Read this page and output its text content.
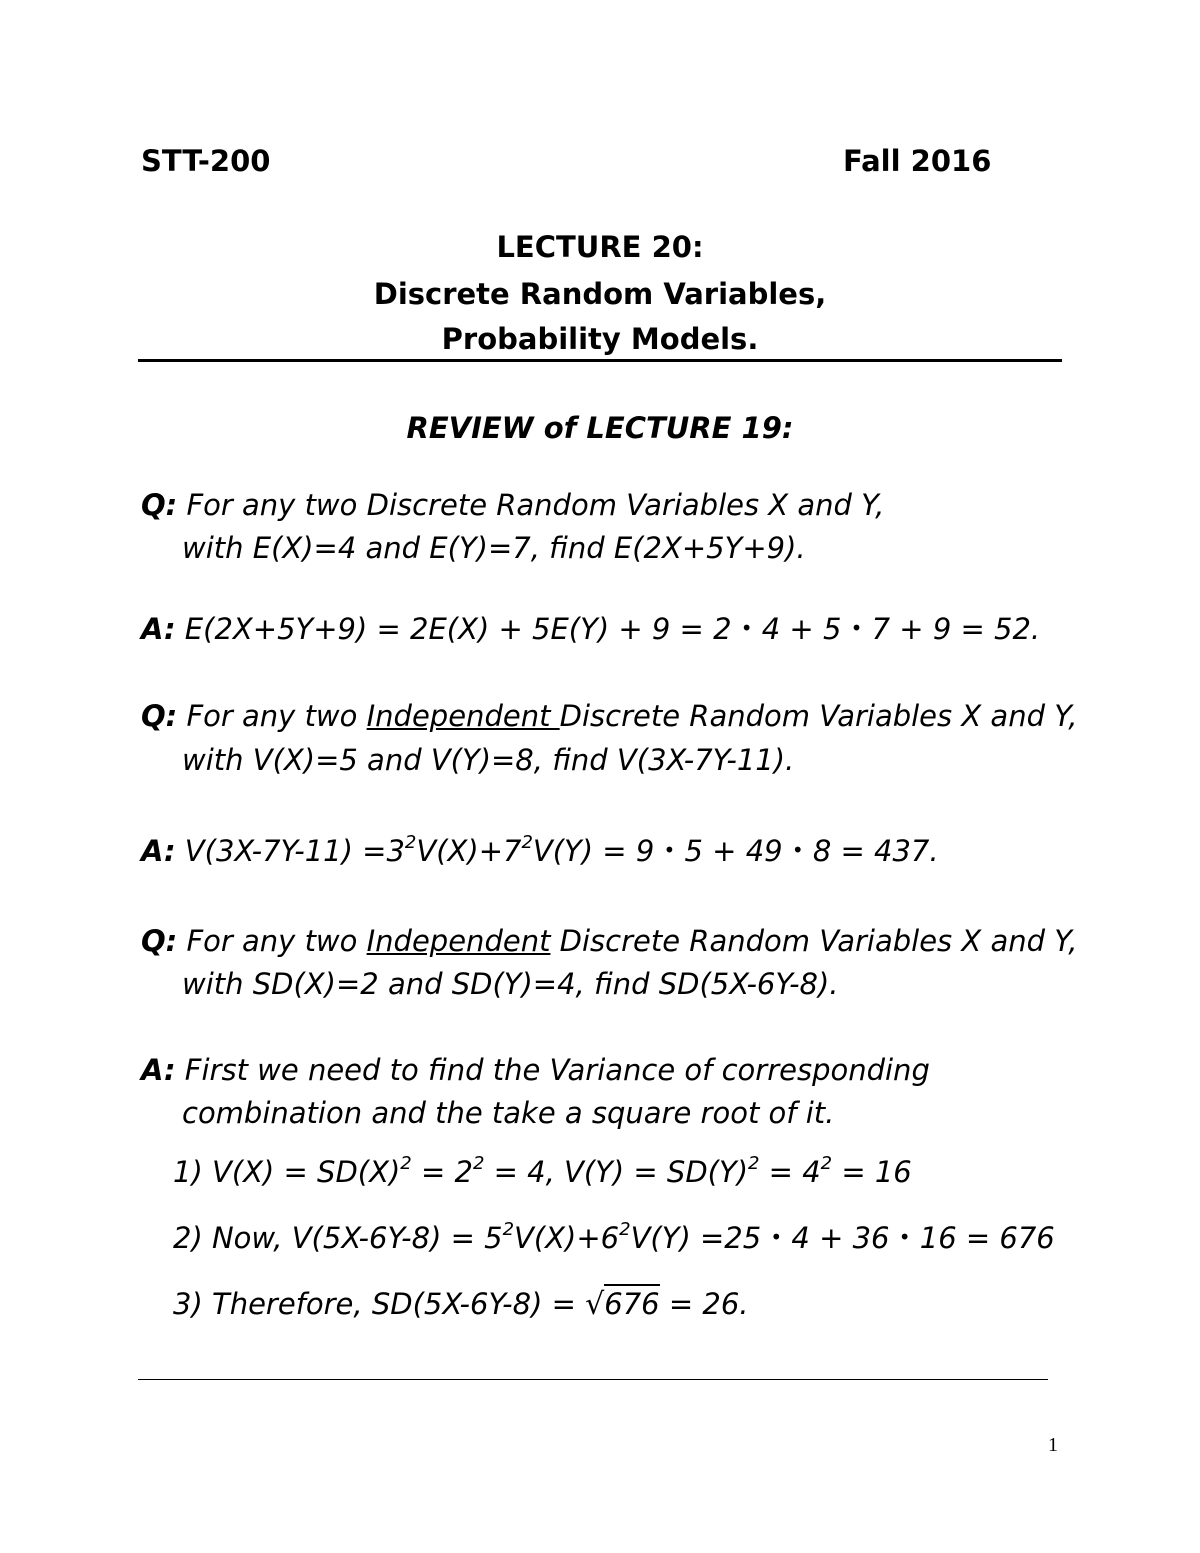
STT-200	Fall 2016
LECTURE 20:
Discrete Random Variables,
Probability Models.
REVIEW of LECTURE 19:
Q: For any two Discrete Random Variables X and Y,
with E(X)=4 and E(Y)=7, find E(2X+5Y+9).
A: E(2X+5Y+9) = 2E(X) + 5E(Y) + 9 = 2 • 4 + 5 • 7 + 9 = 52.
Q: For any two Independent Discrete Random Variables X and Y,
with V(X)=5 and V(Y)=8, find V(3X-7Y-11).
A: $V(3X-7Y-11) =3^2V(X)+7^2V(Y) = 9$ • 5 + 49 • 8 = 437.
Q: For any two Independent Discrete Random Variables X and Y,
with SD(X)=2 and SD(Y)=4, find SD(5X-6Y-8).
A: First we need to find the Variance of corresponding
combination and the take a square root of it.
1) $V(X) = SD(X)^2 = 2^2 = 4$, $V(Y) = SD(Y)^2 = 4^2 = 16$
2) Now, $V(5X-6Y-8) = 5^2V(X)+6^2V(Y) =25$ • 4 + 36 • 16 = 676
3) Therefore, SD(5X-6Y-8) = √676 = 26.
1
